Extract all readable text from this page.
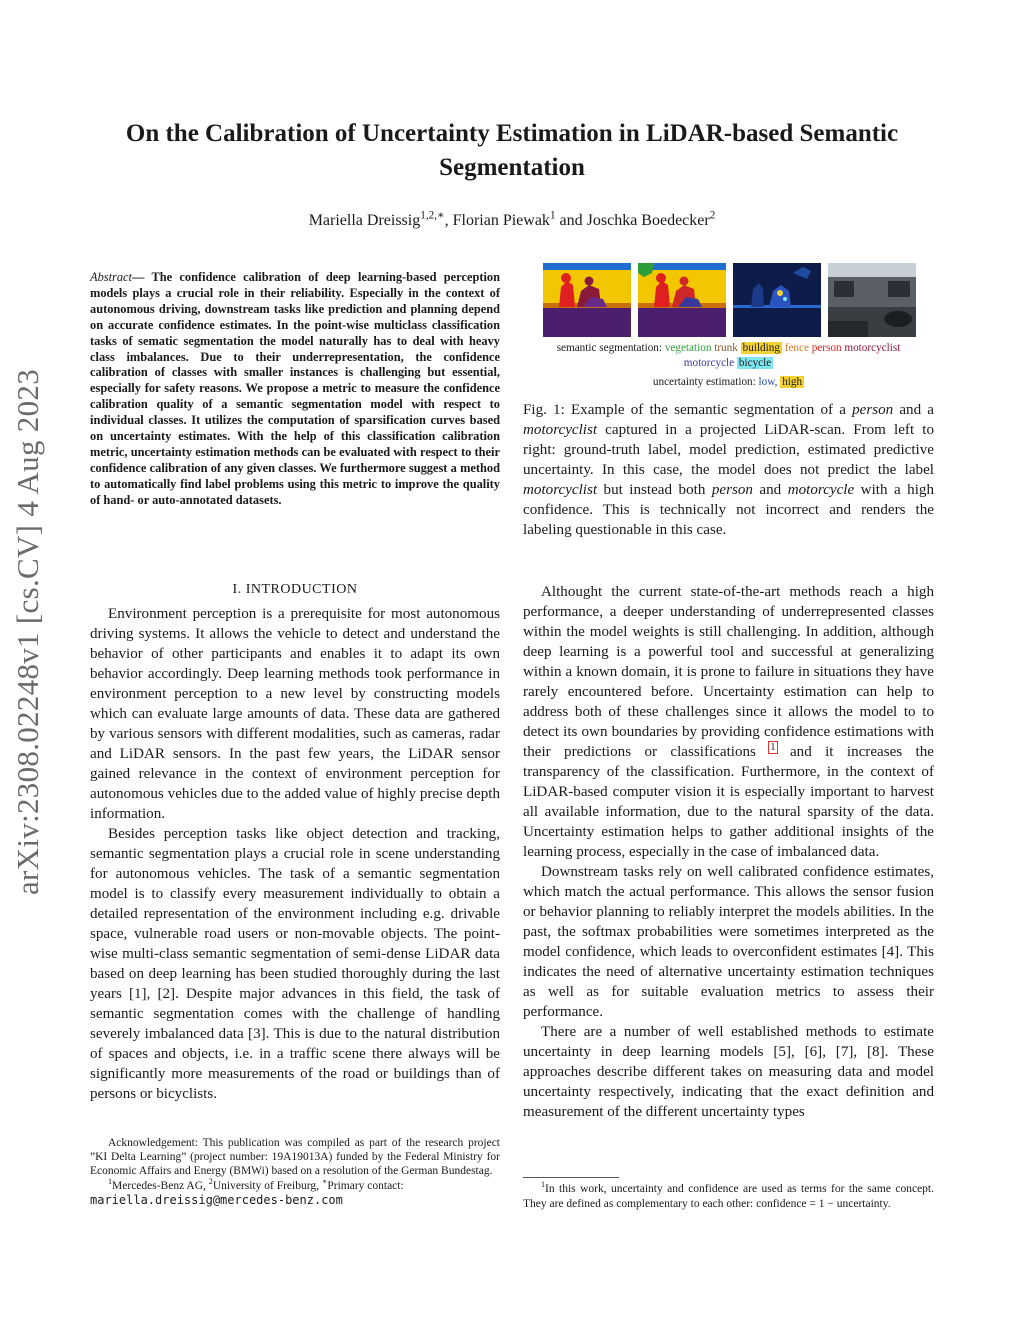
arXiv:2308.02248v1 [cs.CV] 4 Aug 2023
On the Calibration of Uncertainty Estimation in LiDAR-based Semantic Segmentation
Mariella Dreissig$^{1,2,∗}$, Florian Piewak$^1$ and Joschka Boedecker$^2$
Abstract— The confidence calibration of deep learning-based perception models plays a crucial role in their reliability. Especially in the context of autonomous driving, downstream tasks like prediction and planning depend on accurate confidence estimates. In the point-wise multiclass classification tasks of sematic segmentation the model naturally has to deal with heavy class imbalances. Due to their underrepresentation, the confidence calibration of classes with smaller instances is challenging but essential, especially for safety reasons. We propose a metric to measure the confidence calibration quality of a semantic segmentation model with respect to individual classes. It utilizes the computation of sparsification curves based on uncertainty estimates. With the help of this classification calibration metric, uncertainty estimation methods can be evaluated with respect to their confidence calibration of any given classes. We furthermore suggest a method to automatically find label problems using this metric to improve the quality of hand- or auto-annotated datasets.
I. INTRODUCTION

Environment perception is a prerequisite for most autonomous driving systems. It allows the vehicle to detect and understand the behavior of other participants and enables it to adapt its own behavior accordingly. Deep learning methods took performance in environment perception to a new level by constructing models which can evaluate large amounts of data. These data are gathered by various sensors with different modalities, such as cameras, radar and LiDAR sensors. In the past few years, the LiDAR sensor gained relevance in the context of environment perception for autonomous vehicles due to the added value of highly precise depth information.

Besides perception tasks like object detection and tracking, semantic segmentation plays a crucial role in scene understanding for autonomous vehicles. The task of a semantic segmentation model is to classify every measurement individually to obtain a detailed representation of the environment including e.g. drivable space, vulnerable road users or non-movable objects. The point-wise multi-class semantic segmentation of semi-dense LiDAR data based on deep learning has been studied thoroughly during the last years [1], [2]. Despite major advances in this field, the task of semantic segmentation comes with the challenge of handling severely imbalanced data [3]. This is due to the natural distribution of spaces and objects, i.e. in a traffic scene there always will be significantly more measurements of the road or buildings than of persons or bicyclists.

Acknowledgement: This publication was compiled as part of the research project ”KI Delta Learning” (project number: 19A19013A) funded by the Federal Ministry for Economic Affairs and Energy (BMWi) based on a resolution of the German Bundestag.

$^1$Mercedes-Benz AG, $^2$University of Freiburg, ∗Primary contact:

mariella.dreissig@mercedes-benz.com
semantic segmentation: vegetation trunk building fence person motorcyclist
motorcycle bicycle
uncertainty estimation: low, high
Fig. 1: Example of the semantic segmentation of a person and a motorcyclist captured in a projected LiDAR-scan. From left to right: ground-truth label, model prediction, estimated predictive uncertainty. In this case, the model does not predict the label motorcyclist but instead both person and motorcycle with a high confidence. This is technically not incorrect and renders the labeling questionable in this case.

Althought the current state-of-the-art methods reach a high performance, a deeper understanding of underrepresented classes within the model weights is still challenging. In addition, although deep learning is a powerful tool and successful at generalizing within a known domain, it is prone to failure in situations they have rarely encountered before. Uncertainty estimation can help to address both of these challenges since it allows the model to to detect its own boundaries by providing confidence estimations with their predictions or classifications $^1$ and it increases the transparency of the classification. Furthermore, in the context of LiDAR-based computer vision it is especially important to harvest all available information, due to the natural sparsity of the data. Uncertainty estimation helps to gather additional insights of the learning process, especially in the case of imbalanced data.

Downstream tasks rely on well calibrated confidence estimates, which match the actual performance. This allows the sensor fusion or behavior planning to reliably interpret the models abilities. In the past, the softmax probabilities were sometimes interpreted as the model confidence, which leads to overconfident estimates [4]. This indicates the need of alternative uncertainty estimation techniques as well as for suitable evaluation metrics to assess their performance.

There are a number of well established methods to estimate uncertainty in deep learning models [5], [6], [7], [8]. These approaches describe different takes on measuring data and model uncertainty respectively, indicating that the exact definition and measurement of the different uncertainty types

$^1$In this work, uncertainty and confidence are used as terms for the same concept. They are defined as complementary to each other: confidence = 1 − uncertainty.
